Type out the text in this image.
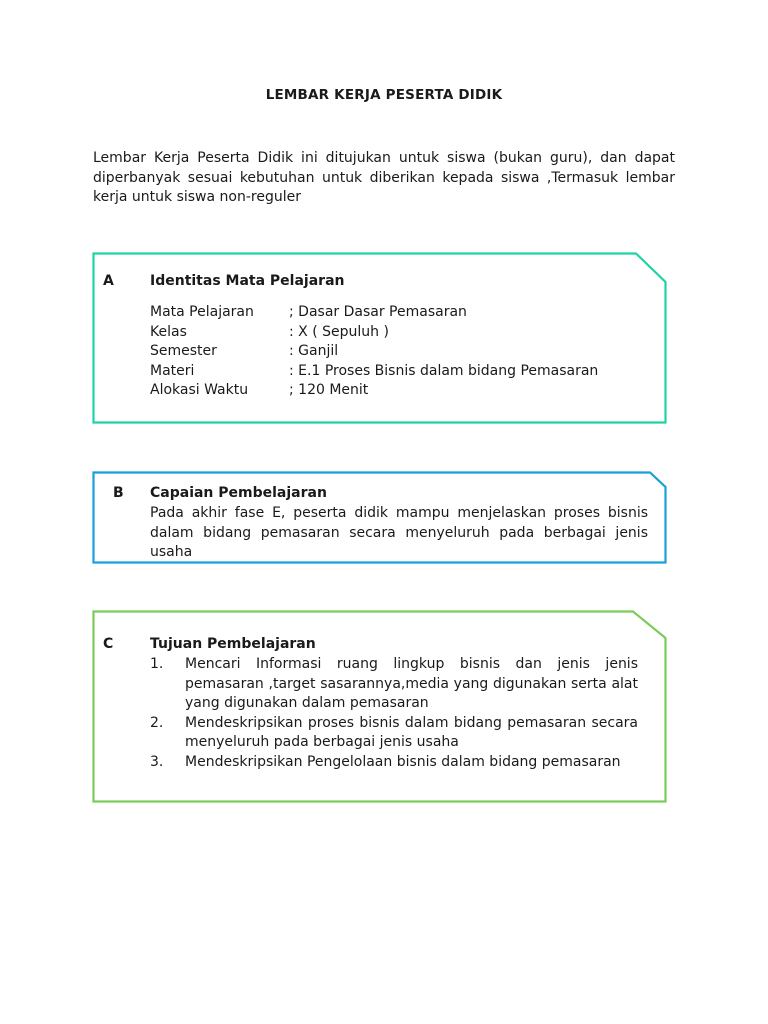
LEMBAR KERJA PESERTA DIDIK
Lembar Kerja Peserta Didik ini ditujukan untuk siswa (bukan guru), dan dapat diperbanyak sesuai kebutuhan untuk diberikan kepada siswa ,Termasuk lembar kerja untuk siswa non-reguler
A	Identitas Mata Pelajaran
Mata Pelajaran	; Dasar Dasar Pemasaran
Kelas	: X ( Sepuluh )
Semester	: Ganjil
Materi	: E.1 Proses Bisnis dalam bidang Pemasaran
Alokasi Waktu	; 120 Menit
B Capaian Pembelajaran
Pada akhir fase E, peserta didik mampu menjelaskan proses bisnis dalam bidang pemasaran secara menyeluruh pada berbagai jenis usaha
C	Tujuan Pembelajaran
1. Mencari Informasi ruang lingkup bisnis dan jenis jenis pemasaran ,target sasarannya,media yang digunakan serta alat yang digunakan dalam pemasaran
2. Mendeskripsikan proses bisnis dalam bidang pemasaran secara menyeluruh pada berbagai jenis usaha
3. Mendeskripsikan Pengelolaan bisnis dalam bidang pemasaran
